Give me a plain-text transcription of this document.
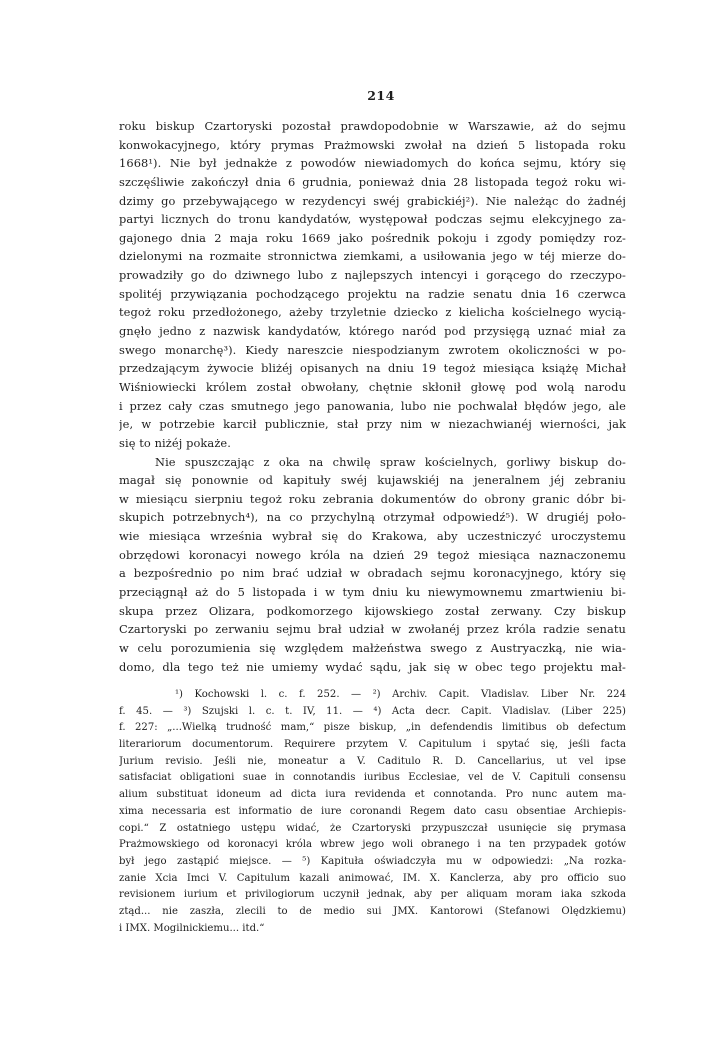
214
roku biskup Czartoryski pozostał prawdopodobnie w Warszawie, aż do sejmu
konwokacyjnego, który prymas Prażmowski zwołał na dzień 5 listopada roku
1668¹). Nie był jednakże z powodów niewiadomych do końca sejmu, który się
szczęśliwie zakończył dnia 6 grudnia, ponieważ dnia 28 listopada tegoż roku wi-
dzimy go przebywającego w rezydencyi swéj grabickiéj²). Nie należąc do żadnéj
partyi licznych do tronu kandydatów, występował podczas sejmu elekcyjnego za-
gajonego dnia 2 maja roku 1669 jako pośrednik pokoju i zgody pomiędzy roz-
dzielonymi na rozmaite stronnictwa ziemkami, a usiłowania jego w téj mierze do-
prowadziły go do dziwnego lubo z najlepszych intencyi i gorącego do rzeczypo-
spolitéj przywiązania pochodzącego projektu na radzie senatu dnia 16 czerwca
tegoż roku przedłożonego, ażeby trzyletnie dziecko z kielicha kościelnego wycią-
gnęło jedno z nazwisk kandydatów, którego naród pod przysięgą uznać miał za
swego monarchę³). Kiedy nareszcie niespodzianym zwrotem okoliczności w po-
przedzającym żywocie bliżéj opisanych na dniu 19 tegoż miesiąca książę Michał
Wiśniowiecki królem został obwołany, chętnie skłonił głowę pod wolą narodu
i przez cały czas smutnego jego panowania, lubo nie pochwalał błędów jego, ale
je, w potrzebie karcił publicznie, stał przy nim w niezachwianéj wierności, jak
się to niżéj pokaże.
Nie spuszczając z oka na chwilę spraw kościelnych, gorliwy biskup do-
magał się ponownie od kapituły swéj kujawskiéj na jeneralnem jéj zebraniu
w miesiącu sierpniu tegoż roku zebrania dokumentów do obrony granic dóbr bi-
skupich potrzebnych⁴), na co przychylną otrzymał odpowiedź⁵). W drugiéj poło-
wie miesiąca września wybrał się do Krakowa, aby uczestniczyć uroczystemu
obrzędowi koronacyi nowego króla na dzień 29 tegoż miesiąca naznaczonemu
a bezpośrednio po nim brać udział w obradach sejmu koronacyjnego, który się
przeciągnął aż do 5 listopada i w tym dniu ku niewymownemu zmartwieniu bi-
skupa przez Olizara, podkomorzego kijowskiego został zerwany. Czy biskup
Czartoryski po zerwaniu sejmu brał udział w zwołanéj przez króla radzie senatu
w celu porozumienia się względem małżeństwa swego z Austryaczką, nie wia-
domo, dla tego też nie umiemy wydać sądu, jak się w obec tego projektu mał-
¹) Kochowski l. c. f. 252. — ²) Archiv. Capit. Vladislav. Liber Nr. 224
f. 45. — ³) Szujski l. c. t. IV, 11. — ⁴) Acta decr. Capit. Vladislav. (Liber 225)
f. 227: „...Wielką trudność mam,“ pisze biskup, „in defendendis limitibus ob defectum
literariorum documentorum. Requirere przytem V. Capitulum i spytać się, jeśli facta
Jurium revisio. Jeśli nie, moneatur a V. Caditulo R. D. Cancellarius, ut vel ipse
satisfaciat obligationi suae in connotandis iuribus Ecclesiae, vel de V. Capituli consensu
alium substituat idoneum ad dicta iura revidenda et connotanda. Pro nunc autem ma-
xima necessaria est informatio de iure coronandi Regem dato casu obsentiae Archiepis-
copi.“ Z ostatniego ustępu widać, że Czartoryski przypuszczał usunięcie się prymasa
Prażmowskiego od koronacyi króla wbrew jego woli obranego i na ten przypadek gotów
był jego zastąpić miejsce. — ⁵) Kapituła oświadczyła mu w odpowiedzi: „Na rozka-
zanie Xcia Imci V. Capitulum kazali animować, IM. X. Kanclerza, aby pro officio suo
revisionem iurium et privilogiorum uczynił jednak, aby per aliquam moram iaka szkoda
ztąd... nie zaszła, zlecili to de medio sui JMX. Kantorowi (Stefanowi Olędzkiemu)
i IMX. Mogilnickiemu... itd.“
